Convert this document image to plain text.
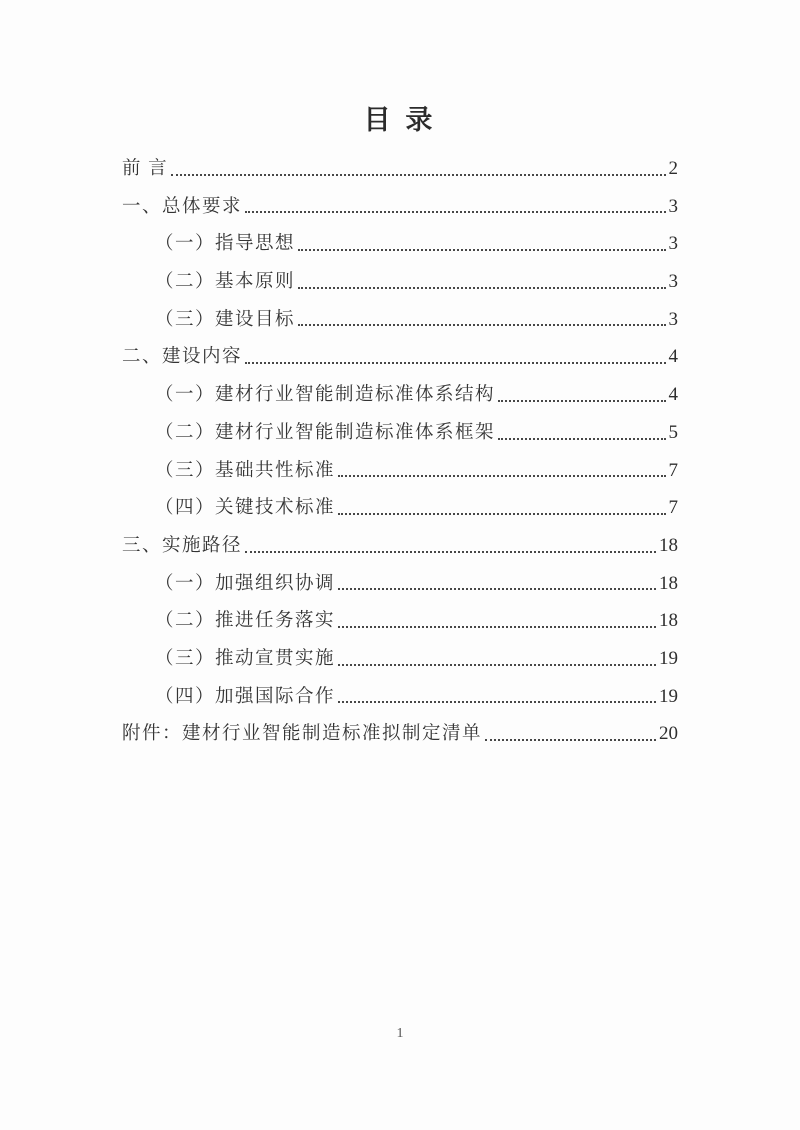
目 录
前 言	2
一、总体要求	3
（一）指导思想	3
（二）基本原则	3
（三）建设目标	3
二、建设内容	4
（一）建材行业智能制造标准体系结构	4
（二）建材行业智能制造标准体系框架	5
（三）基础共性标准	7
（四）关键技术标准	7
三、实施路径	18
（一）加强组织协调	18
（二）推进任务落实	18
（三）推动宣贯实施	19
（四）加强国际合作	19
附件：建材行业智能制造标准拟制定清单	20
1
